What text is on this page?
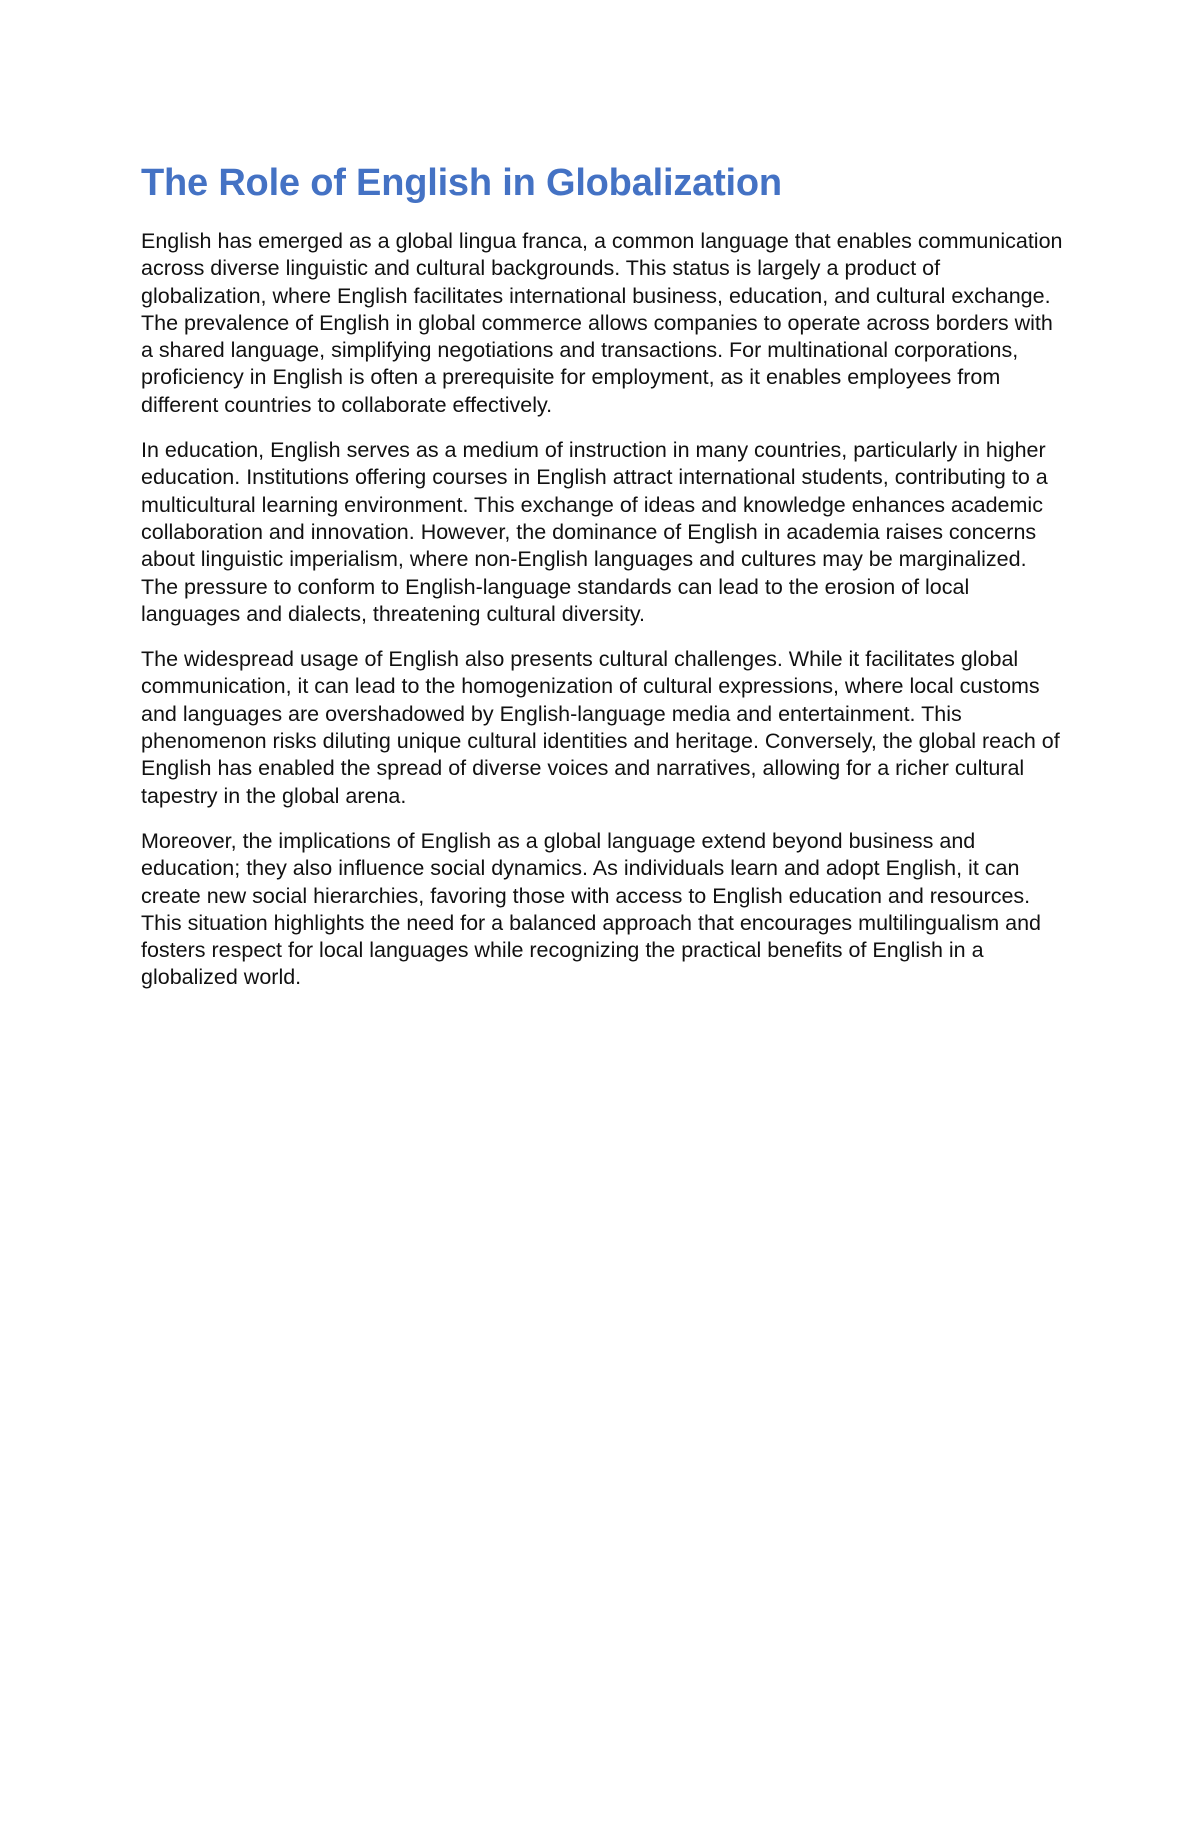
The Role of English in Globalization

English has emerged as a global lingua franca, a common language that enables communication across diverse linguistic and cultural backgrounds. This status is largely a product of globalization, where English facilitates international business, education, and cultural exchange. The prevalence of English in global commerce allows companies to operate across borders with a shared language, simplifying negotiations and transactions. For multinational corporations, proficiency in English is often a prerequisite for employment, as it enables employees from different countries to collaborate effectively.

In education, English serves as a medium of instruction in many countries, particularly in higher education. Institutions offering courses in English attract international students, contributing to a multicultural learning environment. This exchange of ideas and knowledge enhances academic collaboration and innovation. However, the dominance of English in academia raises concerns about linguistic imperialism, where non-English languages and cultures may be marginalized. The pressure to conform to English-language standards can lead to the erosion of local languages and dialects, threatening cultural diversity.

The widespread usage of English also presents cultural challenges. While it facilitates global communication, it can lead to the homogenization of cultural expressions, where local customs and languages are overshadowed by English-language media and entertainment. This phenomenon risks diluting unique cultural identities and heritage. Conversely, the global reach of English has enabled the spread of diverse voices and narratives, allowing for a richer cultural tapestry in the global arena.

Moreover, the implications of English as a global language extend beyond business and education; they also influence social dynamics. As individuals learn and adopt English, it can create new social hierarchies, favoring those with access to English education and resources. This situation highlights the need for a balanced approach that encourages multilingualism and fosters respect for local languages while recognizing the practical benefits of English in a globalized world.
